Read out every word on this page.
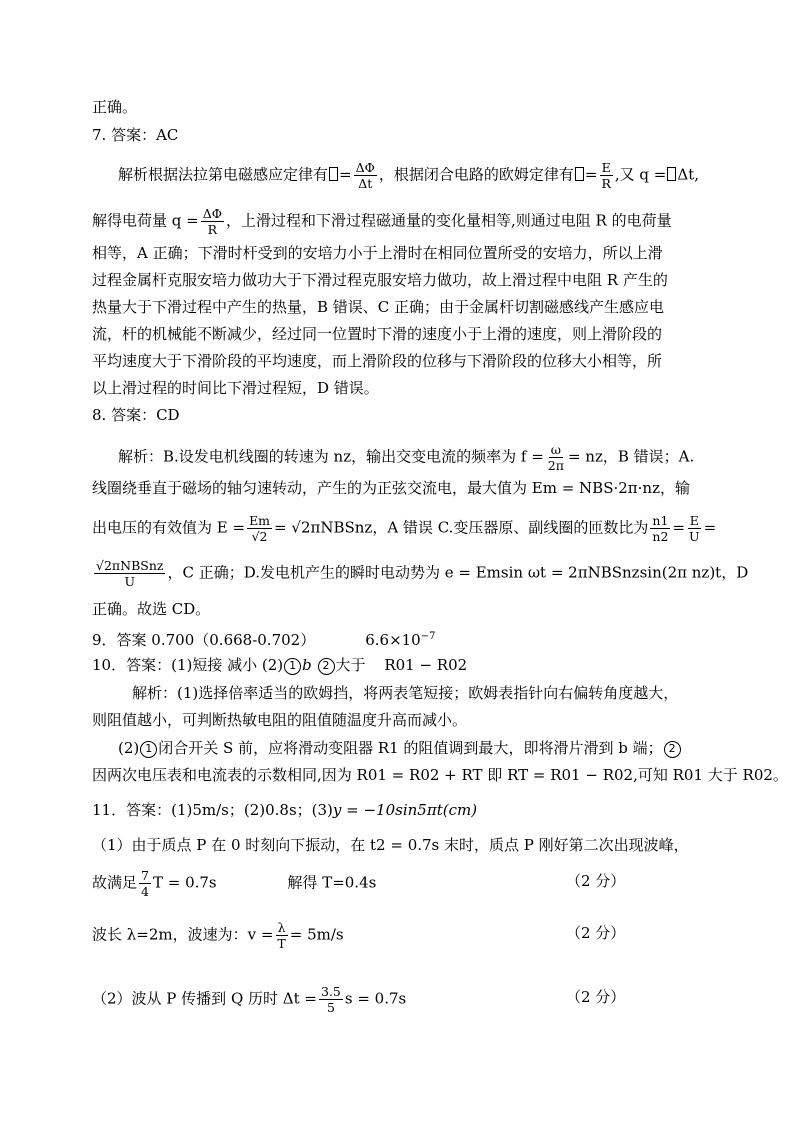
正确。
7. 答案：AC
解析根据法拉第电磁感应定律有 = $\frac{\Delta\Phi}{\Delta t}$ ，根据闭合电路的欧姆定律有 = $\frac{E}{R}$ ,又 q = Δt,
解得电荷量 $q = \frac{\Delta\Phi}{R}$ ，上滑过程和下滑过程磁通量的变化量相等,则通过电阻 R 的电荷量
相等，A 正确；下滑时杆受到的安培力小于上滑时在相同位置所受的安培力，所以上滑
过程金属杆克服安培力做功大于下滑过程克服安培力做功，故上滑过程中电阻 R 产生的
热量大于下滑过程中产生的热量，B 错误、C 正确；由于金属杆切割磁感线产生感应电
流，杆的机械能不断减少，经过同一位置时下滑的速度小于上滑的速度，则上滑阶段的
平均速度大于下滑阶段的平均速度，而上滑阶段的位移与下滑阶段的位移大小相等，所
以上滑过程的时间比下滑过程短，D 错误。
8. 答案：CD
解析：B.设发电机线圈的转速为 nz，输出交变电流的频率为 $f = \frac{\omega}{2\pi}$ = nz，B 错误；A.
线圈绕垂直于磁场的轴匀速转动，产生的为正弦交流电，最大值为 Em = NBS·2π·nz，输
出电压的有效值为 $E = \frac{Em}{√2}$ = √2πNBSnz，A 错误 C.变压器原、副线圈的匝数比为 $\frac{n1}{n2} = \frac{E}{U}$ =
$\frac{\text{√2πNBSnz}}{U}$ ，C 正确；D.发电机产生的瞬时电动势为 e = Emsin ωt = 2πNBSnzsin(2π nz)t，D
正确。故选 CD。
9．答案 0.700（0.668-0.702）	$6.6\times 10^{-7}$
10．答案：(1)短接 减小 (2) 1 b 2 大于 R01 − R02
解析：(1)选择倍率适当的欧姆挡，将两表笔短接；欧姆表指针向右偏转角度越大，
则阻值越小，可判断热敏电阻的阻值随温度升高而减小。
(2) 1 闭合开关 S 前，应将滑动变阻器 R1 的阻值调到最大，即将滑片滑到 b 端； 2
因两次电压表和电流表的示数相同,因为 R01 = R02 + RT 即 RT = R01 − R02,可知 R01 大于 R02。
11．答案：(1)5m/s；(2)0.8s；(3)y = −10sin5πt(cm)
（1）由于质点 P 在 0 时刻向下振动，在 t2 = 0.7s 末时，质点 P 刚好第二次出现波峰，
故满足 $\frac{7}{4}$ T = 0.7s	解得 T=0.4s	（2 分）
波长 λ=2m，波速为：$v = \frac{\lambda}{T} = 5m/s$	（2 分）
（2）波从 P 传播到 Q 历时 $\Delta t = \frac{3.5}{5}$ s = 0.7s	（2 分）
